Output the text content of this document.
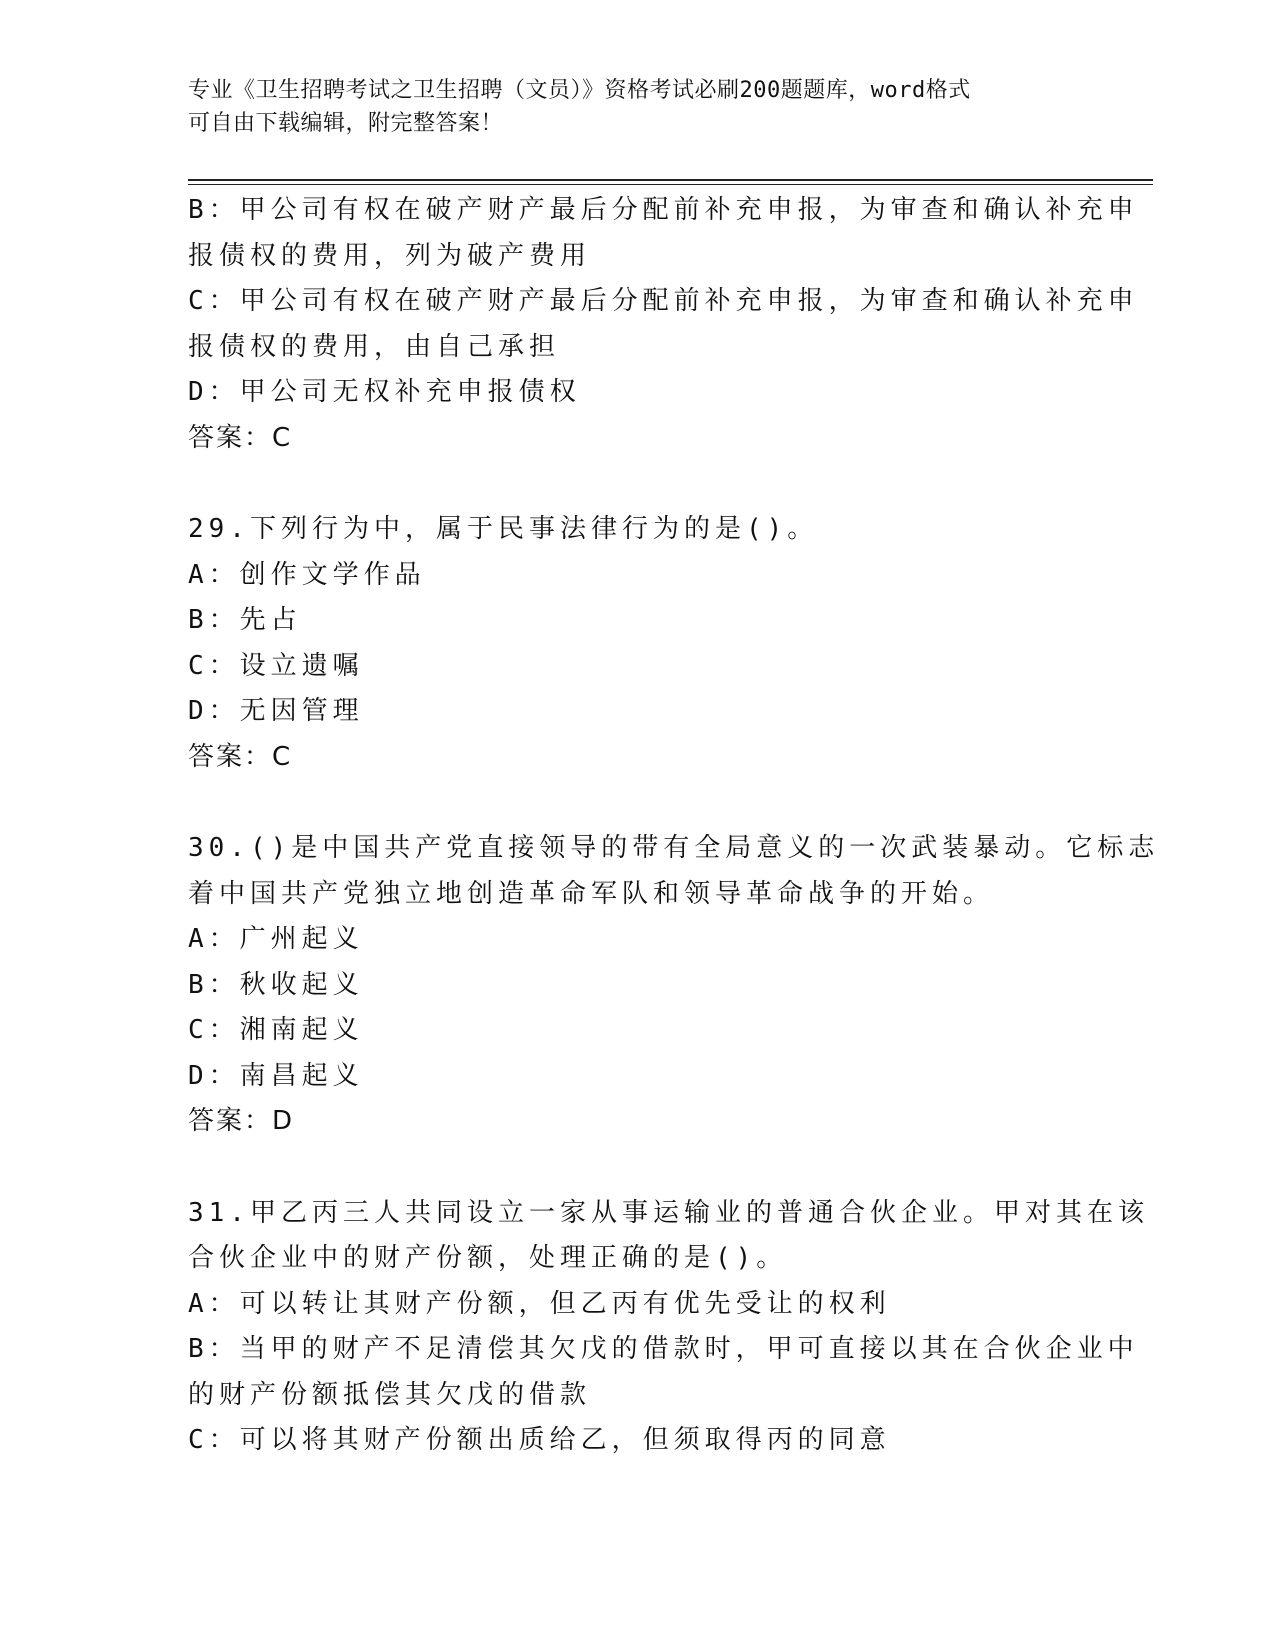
专业《卫生招聘考试之卫生招聘（文员）》资格考试必刷200题题库，word格式
可自由下载编辑，附完整答案！
B：甲公司有权在破产财产最后分配前补充申报，为审查和确认补充申
报债权的费用，列为破产费用
C：甲公司有权在破产财产最后分配前补充申报，为审查和确认补充申
报债权的费用，由自己承担
D：甲公司无权补充申报债权
答案：C
29.下列行为中，属于民事法律行为的是()。
A：创作文学作品
B：先占
C：设立遗嘱
D：无因管理
答案：C
30.()是中国共产党直接领导的带有全局意义的一次武装暴动。它标志
着中国共产党独立地创造革命军队和领导革命战争的开始。
A：广州起义
B：秋收起义
C：湘南起义
D：南昌起义
答案：D
31.甲乙丙三人共同设立一家从事运输业的普通合伙企业。甲对其在该
合伙企业中的财产份额，处理正确的是()。
A：可以转让其财产份额，但乙丙有优先受让的权利
B：当甲的财产不足清偿其欠戊的借款时，甲可直接以其在合伙企业中
的财产份额抵偿其欠戊的借款
C：可以将其财产份额出质给乙，但须取得丙的同意
